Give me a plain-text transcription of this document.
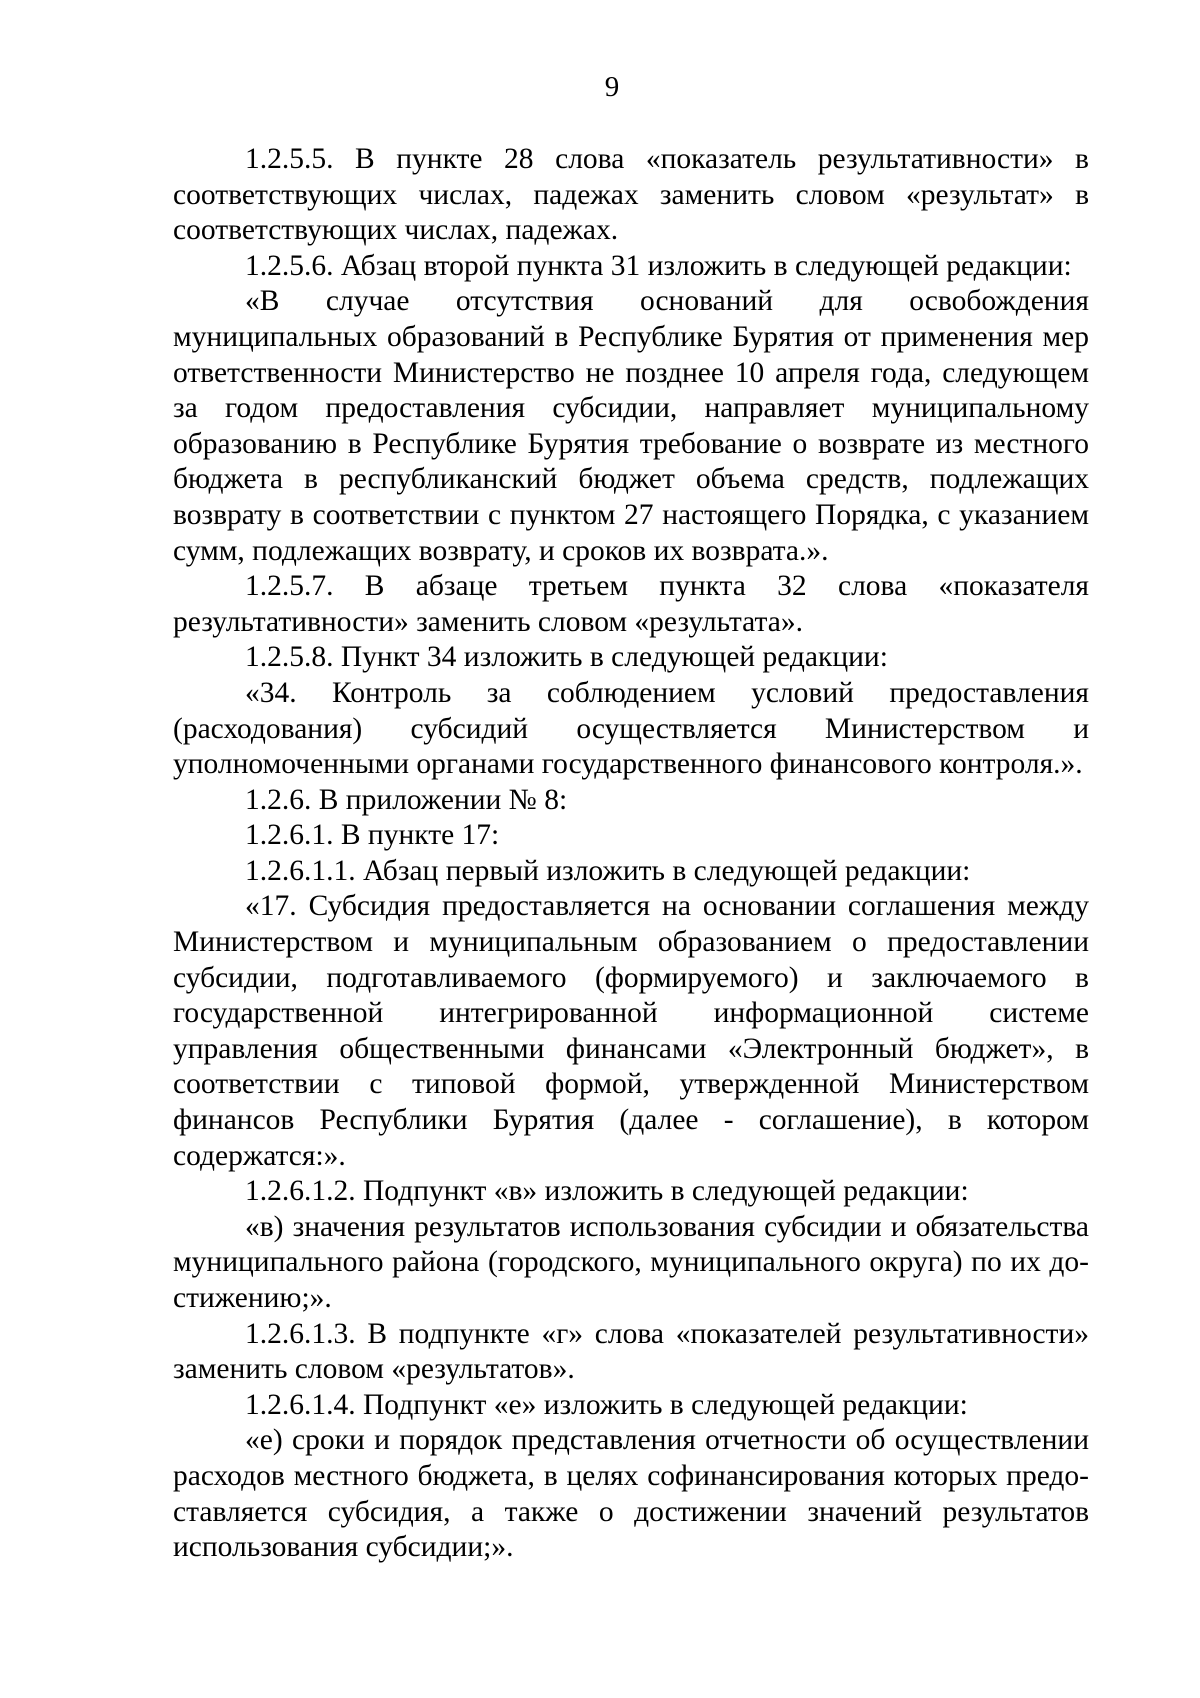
9

1.2.5.5. В пункте 28 слова «показатель результативности» в соответствующих числах, падежах заменить словом «результат» в соответствующих числах, падежах.

1.2.5.6. Абзац второй пункта 31 изложить в следующей редакции:

«В случае отсутствия оснований для освобождения муниципальных образований в Республике Бурятия от применения мер ответственности Министерство не позднее 10 апреля года, следующем за годом предоставления субсидии, направляет муниципальному образованию в Республике Бурятия требование о возврате из местного бюджета в республиканский бюджет объема средств, подлежащих возврату в соответствии с пунктом 27 настоящего Порядка, с указанием сумм, подлежащих возврату, и сроков их возврата.».

1.2.5.7. В абзаце третьем пункта 32 слова «показателя результативности» заменить словом «результата».

1.2.5.8. Пункт 34 изложить в следующей редакции:

«34. Контроль за соблюдением условий предоставления (расходования) субсидий осуществляется Министерством и уполномоченными органами государственного финансового контроля.».

1.2.6. В приложении № 8:

1.2.6.1. В пункте 17:

1.2.6.1.1. Абзац первый изложить в следующей редакции:

«17. Субсидия предоставляется на основании соглашения между Министерством и муниципальным образованием о предоставлении субсидии, подготавливаемого (формируемого) и заключаемого в государственной интегрированной информационной системе управления общественными финансами «Электронный бюджет», в соответствии с типовой формой, утвержденной Министерством финансов Республики Бурятия (далее - соглашение), в котором содержатся:».

1.2.6.1.2. Подпункт «в» изложить в следующей редакции:

«в) значения результатов использования субсидии и обязательства муниципального района (городского, муниципального округа) по их достижению;».

1.2.6.1.3. В подпункте «г» слова «показателей результативности» заменить словом «результатов».

1.2.6.1.4. Подпункт «е» изложить в следующей редакции:

«е) сроки и порядок представления отчетности об осуществлении расходов местного бюджета, в целях софинансирования которых предоставляется субсидия, а также о достижении значений результатов использования субсидии;».
